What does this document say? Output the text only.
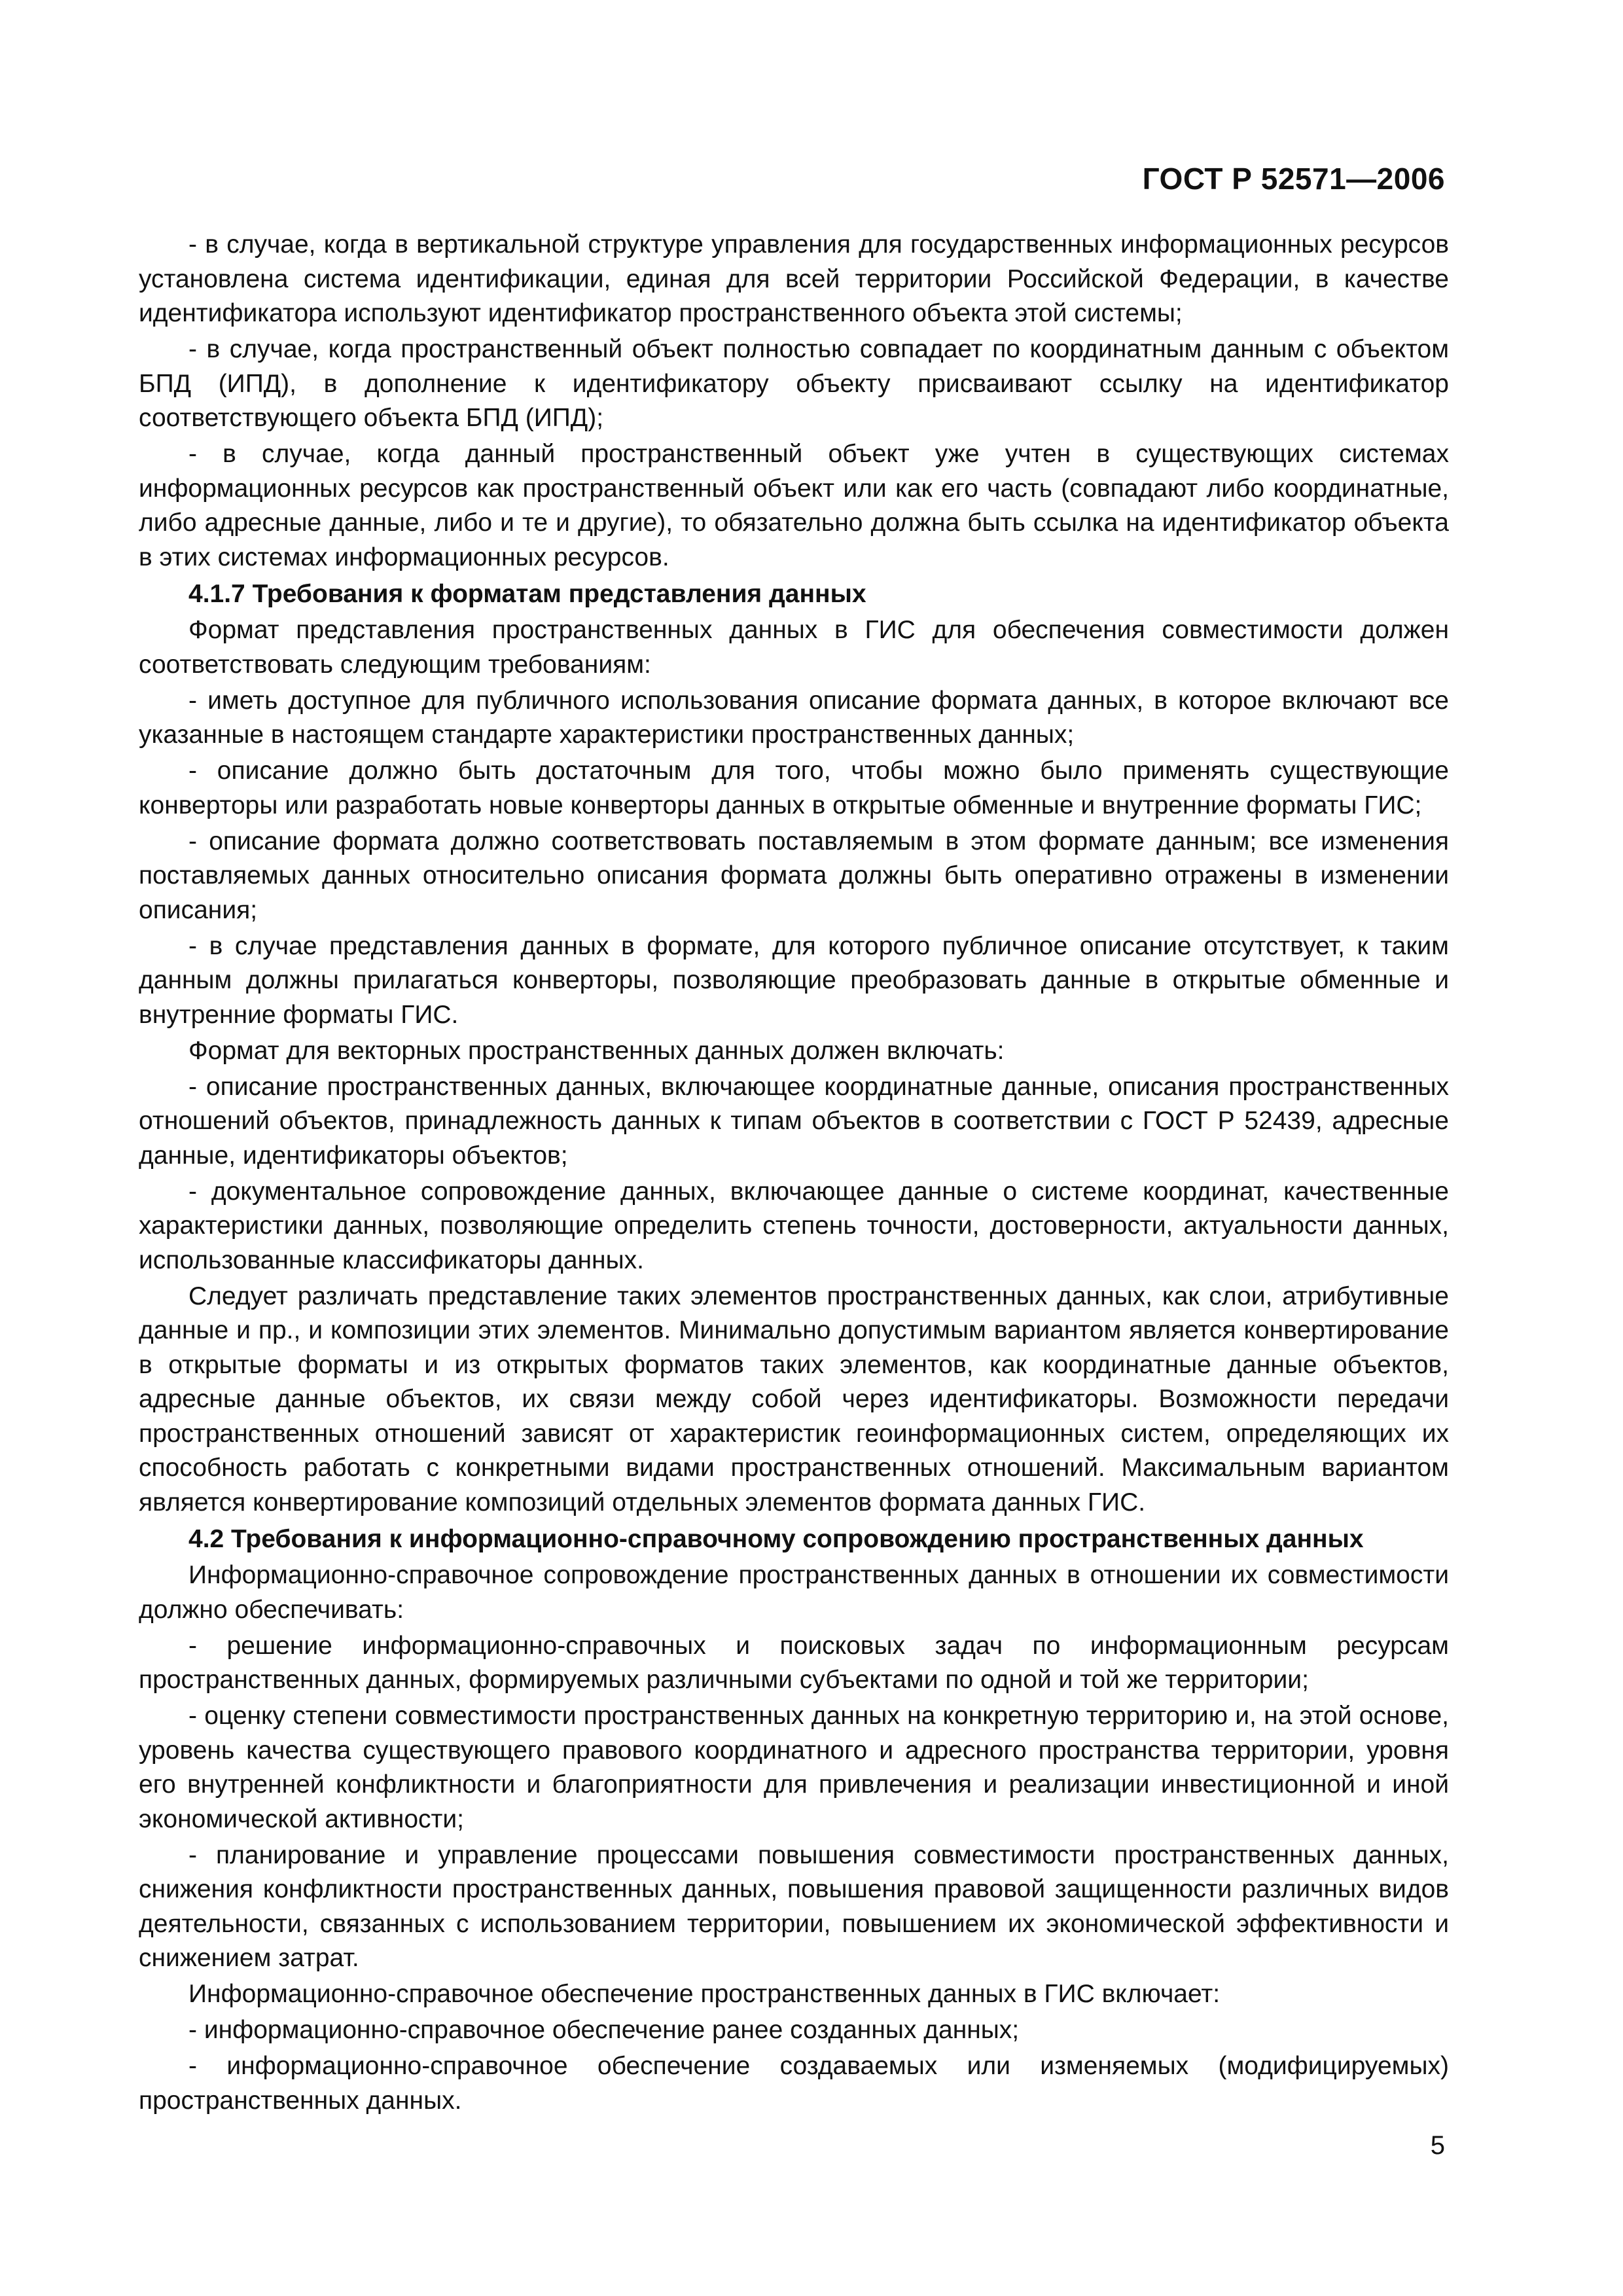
ГОСТ Р 52571—2006

- в случае, когда в вертикальной структуре управления для государственных информационных ресурсов установлена система идентификации, единая для всей территории Российской Федерации, в качестве идентификатора используют идентификатор пространственного объекта этой системы;

- в случае, когда пространственный объект полностью совпадает по координатным данным с объектом БПД (ИПД), в дополнение к идентификатору объекту присваивают ссылку на идентификатор соответствующего объекта БПД (ИПД);

- в случае, когда данный пространственный объект уже учтен в существующих системах информационных ресурсов как пространственный объект или как его часть (совпадают либо координатные, либо адресные данные, либо и те и другие), то обязательно должна быть ссылка на идентификатор объекта в этих системах информационных ресурсов.

4.1.7 Требования к форматам представления данных

Формат представления пространственных данных в ГИС для обеспечения совместимости должен соответствовать следующим требованиям:

- иметь доступное для публичного использования описание формата данных, в которое включают все указанные в настоящем стандарте характеристики пространственных данных;

- описание должно быть достаточным для того, чтобы можно было применять существующие конверторы или разработать новые конверторы данных в открытые обменные и внутренние форматы ГИС;

- описание формата должно соответствовать поставляемым в этом формате данным; все изменения поставляемых данных относительно описания формата должны быть оперативно отражены в изменении описания;

- в случае представления данных в формате, для которого публичное описание отсутствует, к таким данным должны прилагаться конверторы, позволяющие преобразовать данные в открытые обменные и внутренние форматы ГИС.

Формат для векторных пространственных данных должен включать:

- описание пространственных данных, включающее координатные данные, описания пространственных отношений объектов, принадлежность данных к типам объектов в соответствии с ГОСТ Р 52439, адресные данные, идентификаторы объектов;

- документальное сопровождение данных, включающее данные о системе координат, качественные характеристики данных, позволяющие определить степень точности, достоверности, актуальности данных, использованные классификаторы данных.

Следует различать представление таких элементов пространственных данных, как слои, атрибутивные данные и пр., и композиции этих элементов. Минимально допустимым вариантом является конвертирование в открытые форматы и из открытых форматов таких элементов, как координатные данные объектов, адресные данные объектов, их связи между собой через идентификаторы. Возможности передачи пространственных отношений зависят от характеристик геоинформационных систем, определяющих их способность работать с конкретными видами пространственных отношений. Максимальным вариантом является конвертирование композиций отдельных элементов формата данных ГИС.

4.2 Требования к информационно-справочному сопровождению пространственных данных

Информационно-справочное сопровождение пространственных данных в отношении их совместимости должно обеспечивать:

- решение информационно-справочных и поисковых задач по информационным ресурсам пространственных данных, формируемых различными субъектами по одной и той же территории;

- оценку степени совместимости пространственных данных на конкретную территорию и, на этой основе, уровень качества существующего правового координатного и адресного пространства территории, уровня его внутренней конфликтности и благоприятности для привлечения и реализации инвестиционной и иной экономической активности;

- планирование и управление процессами повышения совместимости пространственных данных, снижения конфликтности пространственных данных, повышения правовой защищенности различных видов деятельности, связанных с использованием территории, повышением их экономической эффективности и снижением затрат.

Информационно-справочное обеспечение пространственных данных в ГИС включает:

- информационно-справочное обеспечение ранее созданных данных;

- информационно-справочное обеспечение создаваемых или изменяемых (модифицируемых) пространственных данных.

5
